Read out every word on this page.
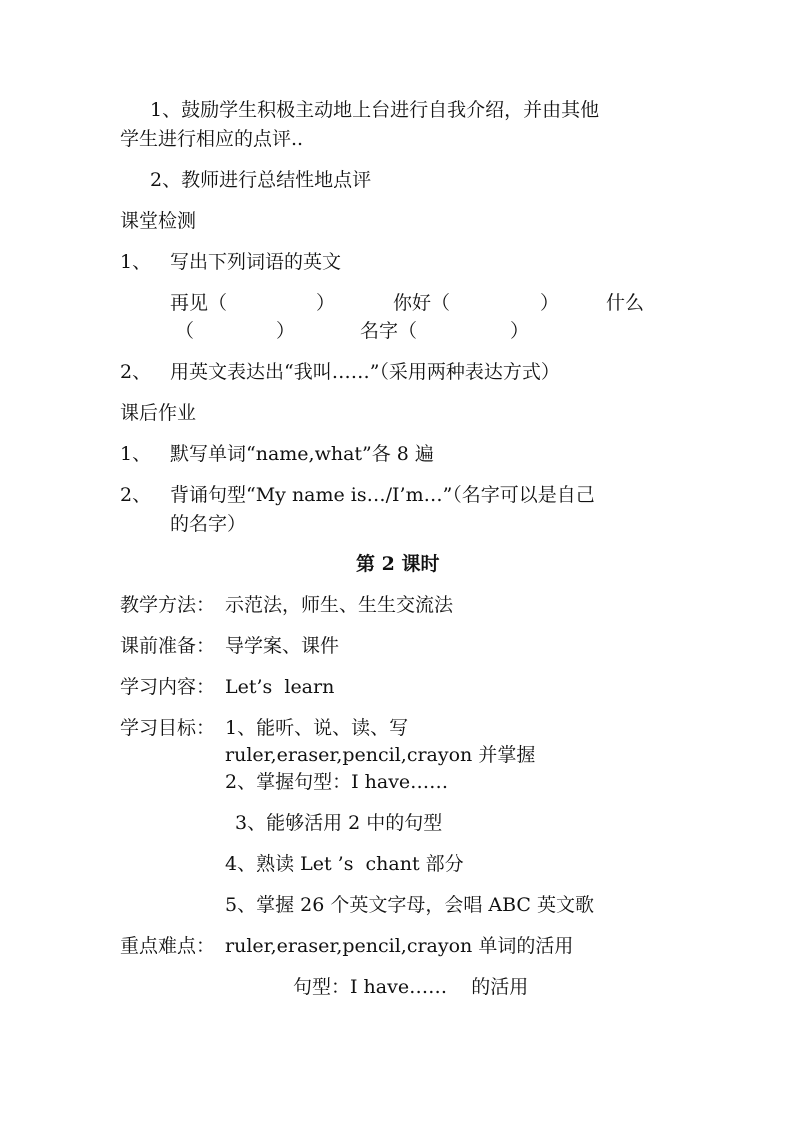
1、鼓励学生积极主动地上台进行自我介绍，并由其他
学生进行相应的点评..
2、教师进行总结性地点评
课堂检测
1、 写出下列词语的英文
再见（	）	你好（	） 什么
（	）	名字（	）
2、 用英文表达出“我叫……”（采用两种表达方式）
课后作业
1、 默写单词“name,what”各 8 遍
2、 背诵句型“My name is…/I’m…”（名字可以是自己
的名字）
第 2 课时
教学方法： 示范法，师生、生生交流法
课前准备： 导学案、课件
学习内容： Let’s  learn
学习目标： 1、能听、说、读、写
ruler,eraser,pencil,crayon 并掌握
2、掌握句型：I have……
3、能够活用 2 中的句型
4、熟读 Let ’s  chant 部分
5、掌握 26 个英文字母，会唱 ABC 英文歌
重点难点： ruler,eraser,pencil,crayon 单词的活用
句型：I have……    的活用
